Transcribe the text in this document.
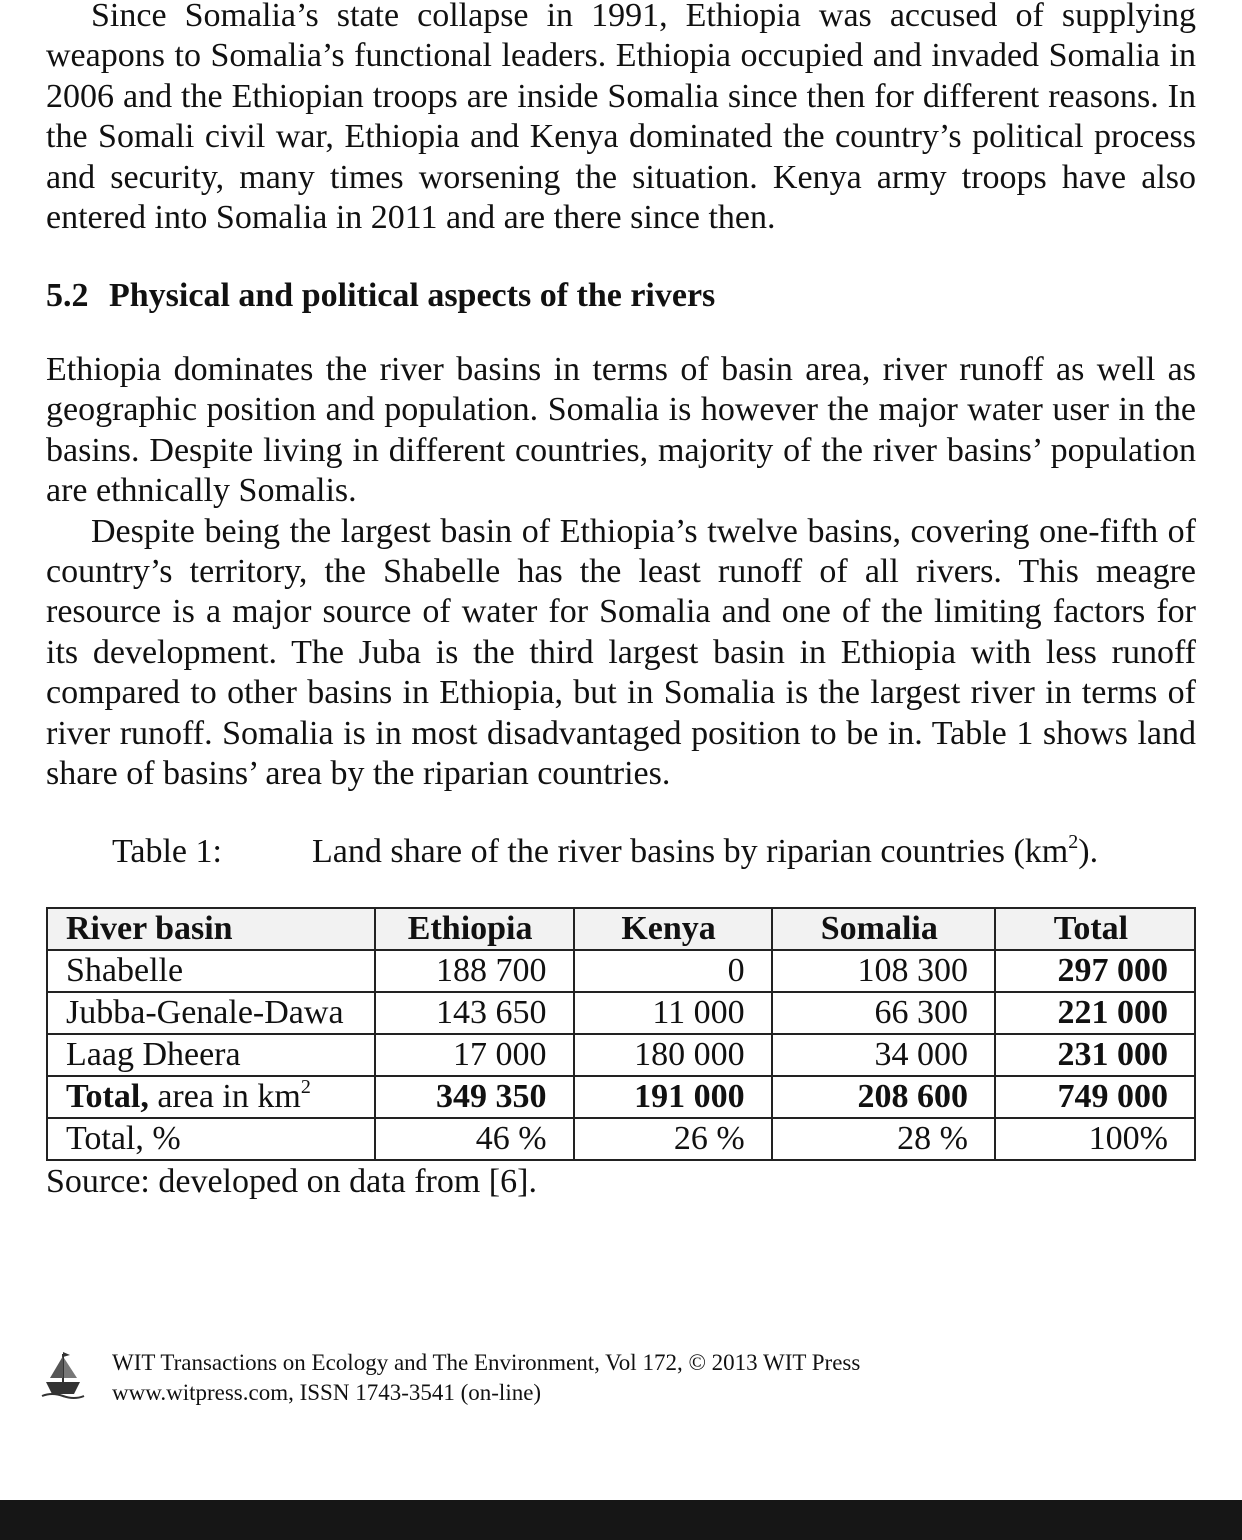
Since Somalia’s state collapse in 1991, Ethiopia was accused of supplying weapons to Somalia’s functional leaders. Ethiopia occupied and invaded Somalia in 2006 and the Ethiopian troops are inside Somalia since then for different reasons. In the Somali civil war, Ethiopia and Kenya dominated the country’s political process and security, many times worsening the situation. Kenya army troops have also entered into Somalia in 2011 and are there since then.

5.2 Physical and political aspects of the rivers

Ethiopia dominates the river basins in terms of basin area, river runoff as well as geographic position and population. Somalia is however the major water user in the basins. Despite living in different countries, majority of the river basins’ population are ethnically Somalis.

Despite being the largest basin of Ethiopia’s twelve basins, covering one-fifth of country’s territory, the Shabelle has the least runoff of all rivers. This meagre resource is a major source of water for Somalia and one of the limiting factors for its development. The Juba is the third largest basin in Ethiopia with less runoff compared to other basins in Ethiopia, but in Somalia is the largest river in terms of river runoff. Somalia is in most disadvantaged position to be in. Table 1 shows land share of basins’ area by the riparian countries.

Table 1:	Land share of the river basins by riparian countries $(km^2)$.

River basin	Ethiopia	Kenya	Somalia	Total
Shabelle	188 700	0	108 300	297 000
Jubba-Genale-Dawa	143 650	11 000	66 300	221 000
Laag Dheera	17 000	180 000	34 000	231 000
Total, area in $km^2$	349 350	191 000	208 600	749 000
Total, %	46 %	26 %	28 %	100%

Source: developed on data from [6].

WIT Transactions on Ecology and The Environment, Vol 172, © 2013 WIT Press
www.witpress.com, ISSN 1743-3541 (on-line)
